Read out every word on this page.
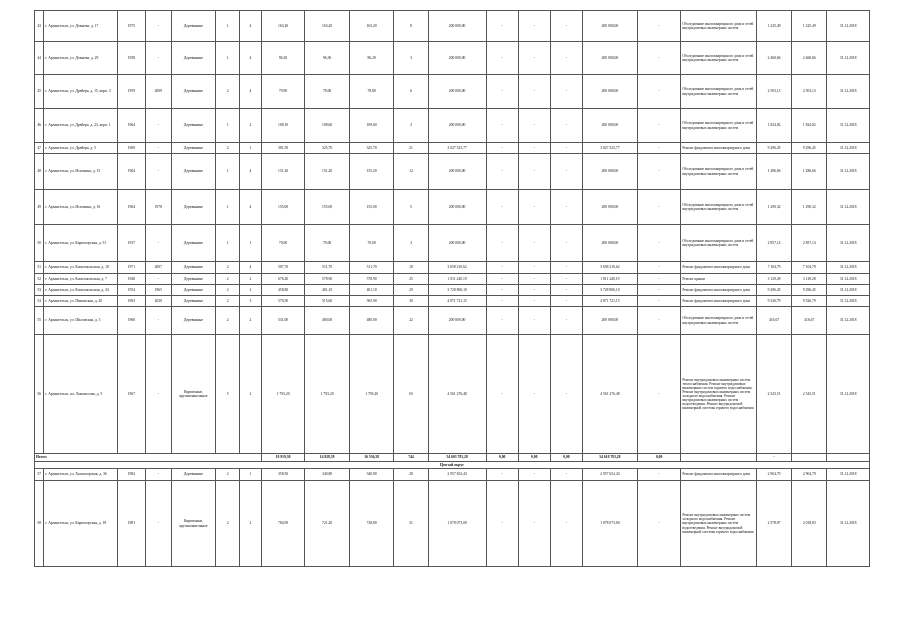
43	г. Архангельск, ул. Дежнева, д. 17	1975	-	Деревянные	1	4	163,20	163,20	163,20	8	200 000,00	-	-	-	200 000,00	-	Обследование многоквартирного дома и сетей внутридомовых инженерных систем	1 225,49	1 225,49	31.12.2018
44	г. Архангельск, ул. Дежнева, д. 29	1958	-	Деревянные	1	4	96,30	96,30	86,20	3	200 000,00	-	-	-	200 000,00	-	Обследование многоквартирного дома и сетей внутридомовых инженерных систем	2 460,66	2 460,66	31.12.2018
45	г. Архангельск, ул. Дрейера, д. 15, корп. 3	1959	2009	Деревянные	2	4	79,90	78,00	78,80	6	200 000,00	-	-	-	200 000,00	-	Обследование многоквартирного дома и сетей внутридомовых инженерных систем	2 503,13	2 503,13	31.12.2018
46	г. Архангельск, ул. Дрейера, д. 23, корп. 1	1964	-	Деревянные	1	2	108,10	108,60	109,60	3	200 000,00	-	-	-	200 000,00	-	Обследование многоквартирного дома и сетей внутридомовых инженерных систем	1 824,82	1 824,82	31.12.2018
47	г. Архангельск, ул. Дрейера, д. 5	1969	-	Деревянные	2	1	381,50	325,70	325,70	21	3 027 523,77	-	-	-	3 027 523,77	-	Ремонт фундамента многоквартирного дома	9 296,45	9 296,45	31.12.2018
48	г. Архангельск, ул. Истомина, д. 15	1964	-	Деревянные	1	4	151,20	151,20	155,20	12	200 000,00	-	-	-	200 000,00	-	Обследование многоквартирного дома и сетей внутридомовых инженерных систем	1 286,66	1 286,66	31.12.2018
49	г. Архангельск, ул. Истомина, д. 16	1964	1978	Деревянные	1	4	155,00	155,00	155,00	5	200 000,00	-	-	-	200 000,00	-	Обследование многоквартирного дома и сетей внутридомовых инженерных систем	1 290,32	1 290,32	31.12.2018
50	г. Архангельск, ул. Карпогорская, д. 51	1937	-	Деревянные	1	1	70,00	70,00	70,00	3	200 000,00	-	-	-	200 000,00	-	Обследование многоквартирного дома и сетей внутридомовых инженерных систем	2 857,14	2 857,14	31.12.2018
51	г. Архангельск, ул. Комсомольская, д. 18	1971	2007	Деревянные	2	4	507,70	511,70	511,70	18	3 658 210,62	-	-	-	3 658 210,62	-	Ремонт фундамента многоквартирного дома	7 104,79	7 104,79	31.12.2018
52	г. Архангельск, ул. Комсомольская, д. 7	1940	-	Деревянные	2	2	676,20	578,90	578,90	25	1 811 240,19	-	-	-	1 811 240,19	-	Ремонт крыши	3 129,28	3 129,28	31.12.2018
53	г. Архангельск, ул. Комсомольская, д. 43	1954	1965	Деревянные	2	2	458,80	401,10	401,10	29	3 728 806,10	-	-	-	3 728 806,10	-	Ремонт фундамента многоквартирного дома	9 296,45	9 296,45	31.12.2018
54	г. Архангельск, ул. Пинежская, д. 20	1963	2020	Деревянные	2	3	579,50	515,60	565,90	30	4 871 721,15	-	-	-	4 871 721,15	-	Ремонт фундамента многоквартирного дома	9 326,79	9 326,79	31.12.2018
55	г. Архангельск, ул. Шкловская, д. 3	1960	-	Деревянные	2	2	531,00	480,00	480,00	22	200 000,00	-	-	-	200 000,00	-	Обследование многоквартирного дома и сетей внутридомовых инженерных систем	416,67	416,67	31.12.2018
56	г. Архангельск, пл. Ломоносова, д. 5	1967	-	Кирпичные, крупнопанельные	5	2	1 793,20	1 793,20	1 793,20	65	4 561 276,48	-	-	-	4 561 276,48	-	Ремонт внутридомовых инженерных систем теплоснабжения. Ремонт внутридомовых инженерных систем горячего водоснабжения. Ремонт внутридомовых инженерных систем холодного водоснабжения. Ремонт внутридомовых инженерных систем водоотведения. Ремонт внутридомовой инженерной системы горячего водоснабжения	2 543,51	2 543,51	31.12.2018
Итого:							19 919,30	14 928,39	16 536,58	744	54 603 783,28	0,00	0,00	0,00	54 610 783,28	0,00		-		
Цен-ый округ																				
57	г. Архангельск, ул. Холмогорская, д. 36	1982	-	Деревянные	2	1	358,50	340,80	340,80	28	2 957 652,43	-	-	-	2 957 652,43	-	Ремонт фундамента многоквартирного дома	2 904,79	2 904,79	31.12.2018
58	г. Архангельск, ул. Карпогорская, д. 18	1981	-	Кирпичные, крупнопанельные	2	2	784,90	721,20	728,80	31	1 078 073,00	-	-	-	1 078 073,00	-	Ремонт внутридомовых инженерных систем холодного водоснабжения. Ремонт внутридомовых инженерных систем водоотведения. Ремонт внутридомовой инженерной системы горячего водоснабжения	2 578,87	2 018,83	31.12.2018
